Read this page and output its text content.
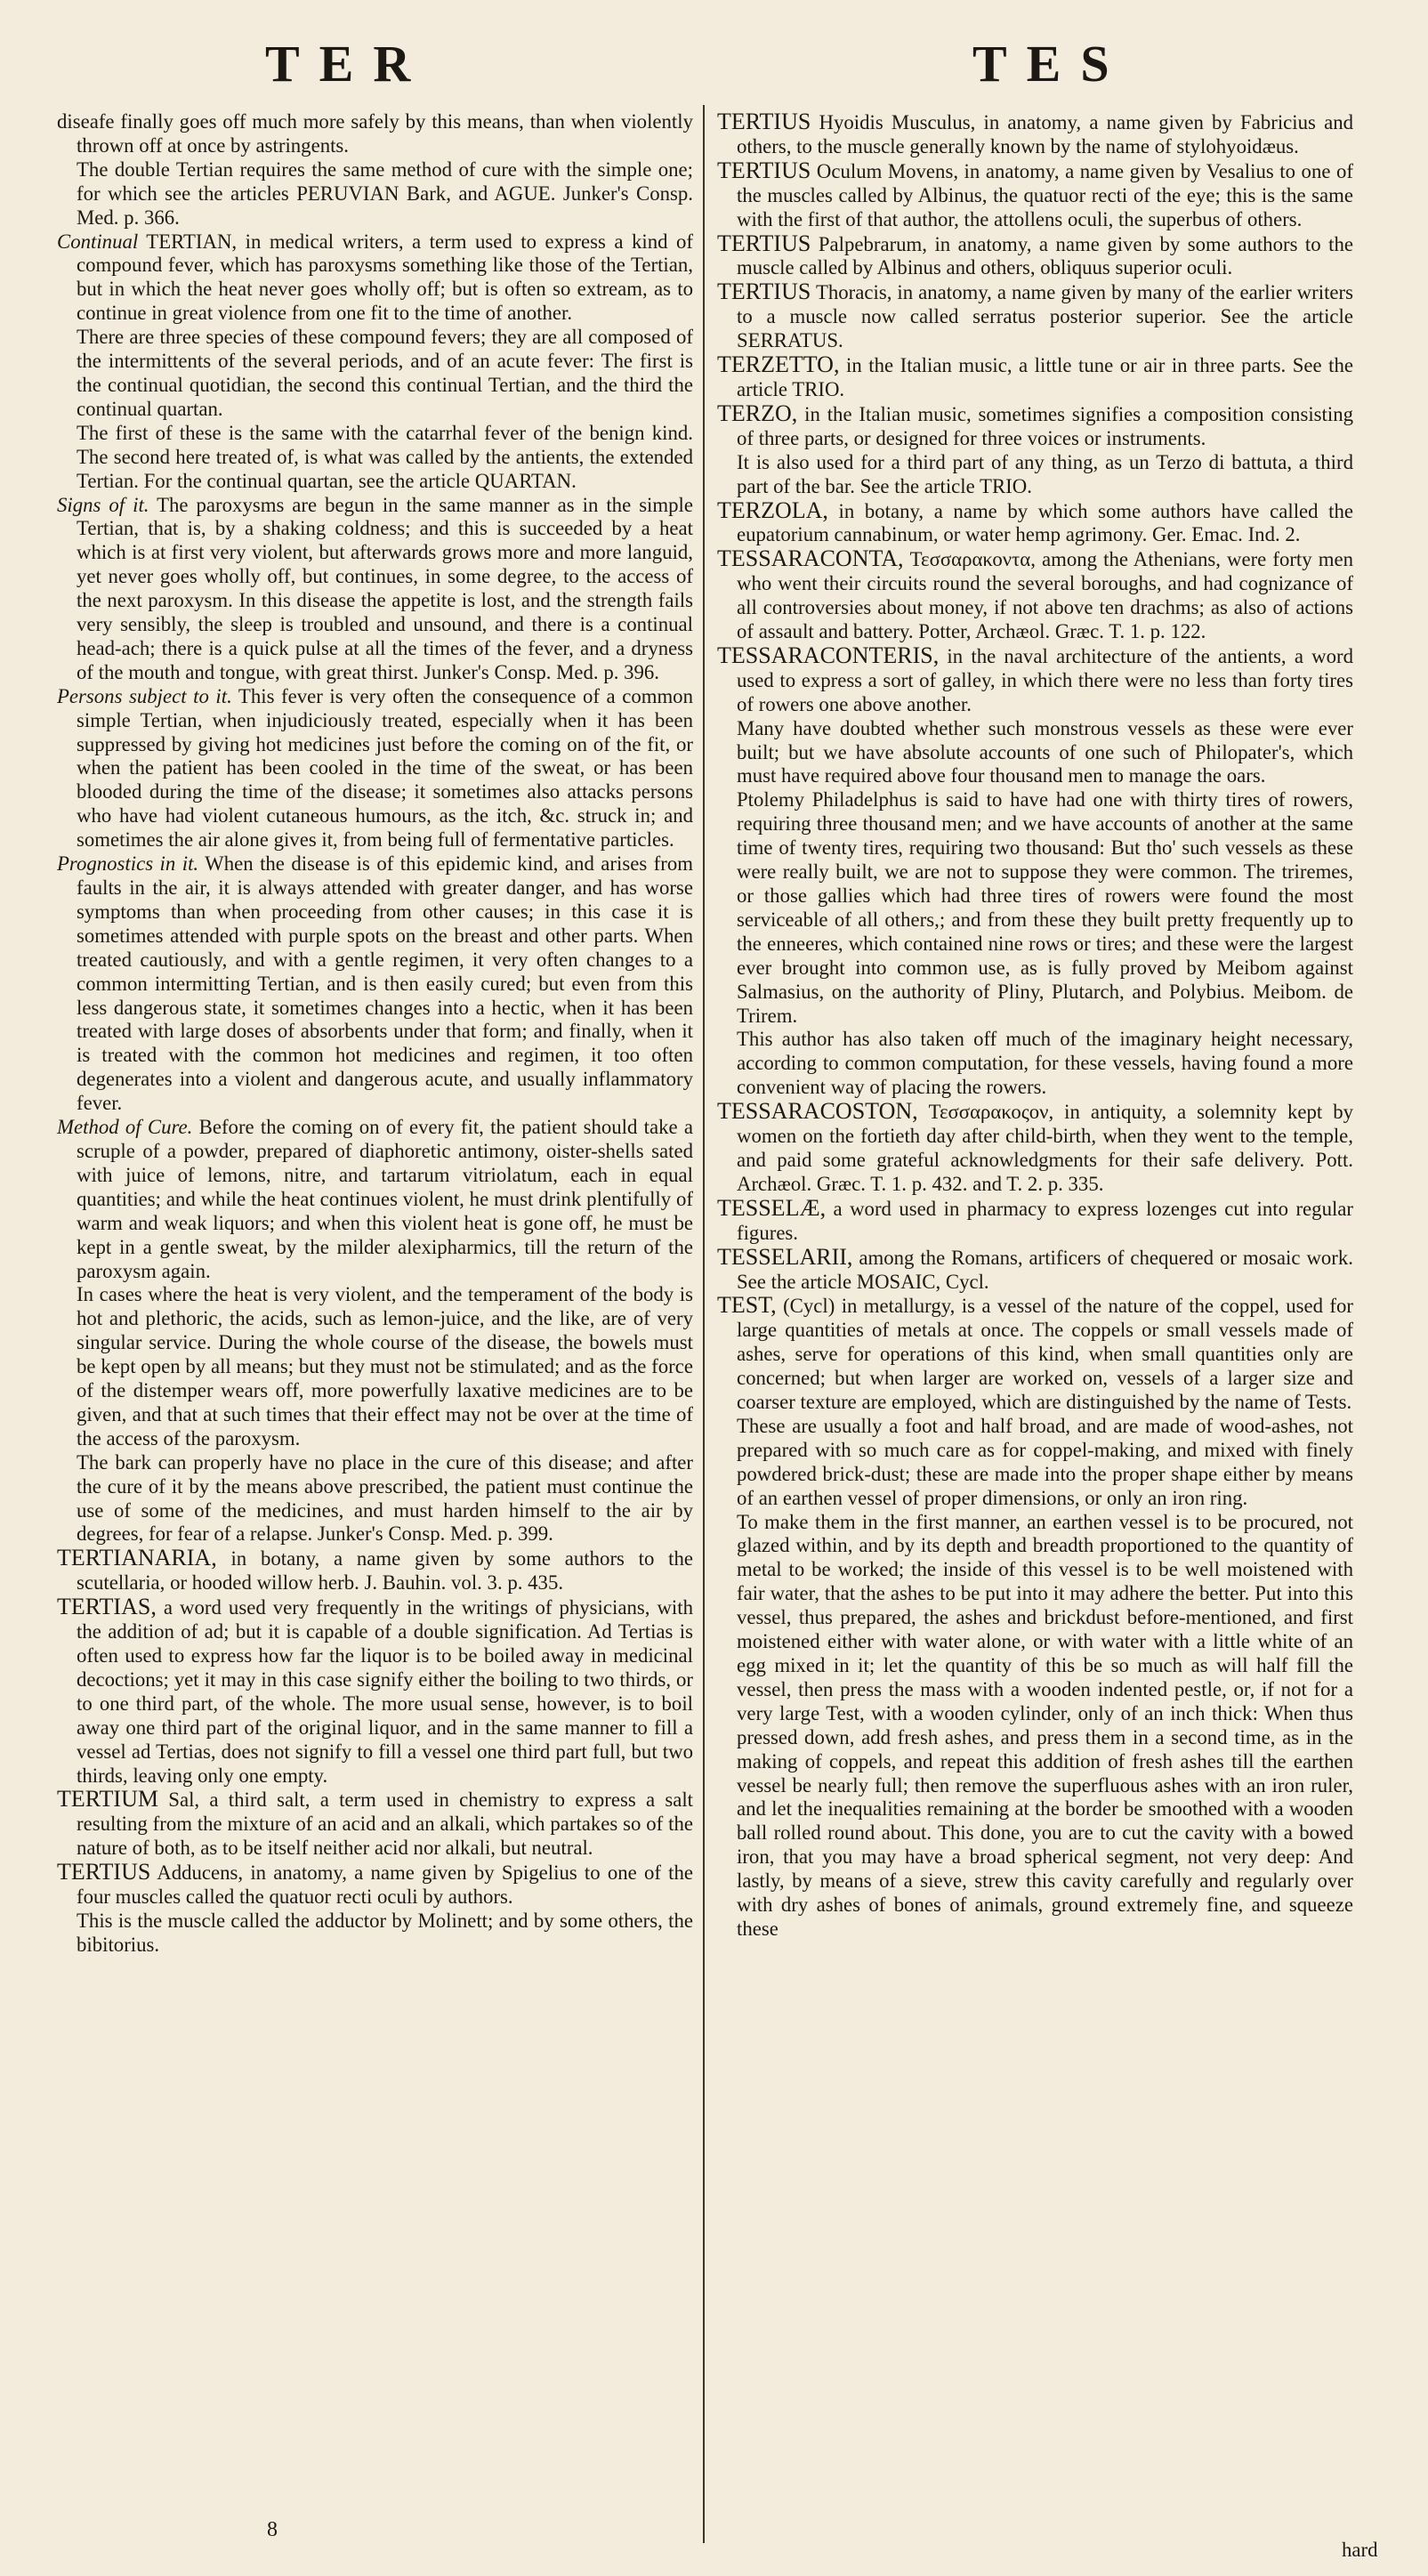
TER	TES

diseafe finally goes off much more safely by this means, than when violently thrown off at once by astringents.

The double Tertian requires the same method of cure with the simple one; for which see the articles PERUVIAN Bark, and AGUE. Junker's Consp. Med. p. 366.

Continual TERTIAN, in medical writers, a term used to express a kind of compound fever, which has paroxysms something like those of the Tertian, but in which the heat never goes wholly off; but is often so extream, as to continue in great violence from one fit to the time of another.

There are three species of these compound fevers; they are all composed of the intermittents of the several periods, and of an acute fever: The first is the continual quotidian, the second this continual Tertian, and the third the continual quartan.

The first of these is the same with the catarrhal fever of the benign kind. The second here treated of, is what was called by the antients, the extended Tertian. For the continual quartan, see the article QUARTAN.

Signs of it. The paroxysms are begun in the same manner as in the simple Tertian, that is, by a shaking coldness; and this is succeeded by a heat which is at first very violent, but afterwards grows more and more languid, yet never goes wholly off, but continues, in some degree, to the access of the next paroxysm. In this disease the appetite is lost, and the strength fails very sensibly, the sleep is troubled and unsound, and there is a continual head-ach; there is a quick pulse at all the times of the fever, and a dryness of the mouth and tongue, with great thirst. Junker's Consp. Med. p. 396.

Persons subject to it. This fever is very often the consequence of a common simple Tertian, when injudiciously treated, especially when it has been suppressed by giving hot medicines just before the coming on of the fit, or when the patient has been cooled in the time of the sweat, or has been blooded during the time of the disease; it sometimes also attacks persons who have had violent cutaneous humours, as the itch, &c. struck in; and sometimes the air alone gives it, from being full of fermentative particles.

Prognostics in it. When the disease is of this epidemic kind, and arises from faults in the air, it is always attended with greater danger, and has worse symptoms than when proceeding from other causes; in this case it is sometimes attended with purple spots on the breast and other parts. When treated cautiously, and with a gentle regimen, it very often changes to a common intermitting Tertian, and is then easily cured; but even from this less dangerous state, it sometimes changes into a hectic, when it has been treated with large doses of absorbents under that form; and finally, when it is treated with the common hot medicines and regimen, it too often degenerates into a violent and dangerous acute, and usually inflammatory fever.

Method of Cure. Before the coming on of every fit, the patient should take a scruple of a powder, prepared of diaphoretic antimony, oister-shells sated with juice of lemons, nitre, and tartarum vitriolatum, each in equal quantities; and while the heat continues violent, he must drink plentifully of warm and weak liquors; and when this violent heat is gone off, he must be kept in a gentle sweat, by the milder alexipharmics, till the return of the paroxysm again.

In cases where the heat is very violent, and the temperament of the body is hot and plethoric, the acids, such as lemon-juice, and the like, are of very singular service. During the whole course of the disease, the bowels must be kept open by all means; but they must not be stimulated; and as the force of the distemper wears off, more powerfully laxative medicines are to be given, and that at such times that their effect may not be over at the time of the access of the paroxysm.

The bark can properly have no place in the cure of this disease; and after the cure of it by the means above prescribed, the patient must continue the use of some of the medicines, and must harden himself to the air by degrees, for fear of a relapse. Junker's Consp. Med. p. 399.

TERTIANARIA, in botany, a name given by some authors to the scutellaria, or hooded willow herb. J. Bauhin. vol. 3. p. 435.

TERTIAS, a word used very frequently in the writings of physicians, with the addition of ad; but it is capable of a double signification. Ad Tertias is often used to express how far the liquor is to be boiled away in medicinal decoctions; yet it may in this case signify either the boiling to two thirds, or to one third part, of the whole. The more usual sense, however, is to boil away one third part of the original liquor, and in the same manner to fill a vessel ad Tertias, does not signify to fill a vessel one third part full, but two thirds, leaving only one empty.

TERTIUM Sal, a third salt, a term used in chemistry to express a salt resulting from the mixture of an acid and an alkali, which partakes so of the nature of both, as to be itself neither acid nor alkali, but neutral.

TERTIUS Adducens, in anatomy, a name given by Spigelius to one of the four muscles called the quatuor recti oculi by authors.

This is the muscle called the adductor by Molinett; and by some others, the bibitorius.

TERTIUS Hyoidis Musculus, in anatomy, a name given by Fabricius and others, to the muscle generally known by the name of stylohyoidæus.

TERTIUS Oculum Movens, in anatomy, a name given by Vesalius to one of the muscles called by Albinus, the quatuor recti of the eye; this is the same with the first of that author, the attollens oculi, the superbus of others.

TERTIUS Palpebrarum, in anatomy, a name given by some authors to the muscle called by Albinus and others, obliquus superior oculi.

TERTIUS Thoracis, in anatomy, a name given by many of the earlier writers to a muscle now called serratus posterior superior. See the article SERRATUS.

TERZETTO, in the Italian music, a little tune or air in three parts. See the article TRIO.

TERZO, in the Italian music, sometimes signifies a composition consisting of three parts, or designed for three voices or instruments.

It is also used for a third part of any thing, as un Terzo di battuta, a third part of the bar. See the article TRIO.

TERZOLA, in botany, a name by which some authors have called the eupatorium cannabinum, or water hemp agrimony. Ger. Emac. Ind. 2.

TESSARACONTA, Τεσσαρακοντα, among the Athenians, were forty men who went their circuits round the several boroughs, and had cognizance of all controversies about money, if not above ten drachms; as also of actions of assault and battery. Potter, Archæol. Græc. T. 1. p. 122.

TESSARACONTERIS, in the naval architecture of the antients, a word used to express a sort of galley, in which there were no less than forty tires of rowers one above another.

Many have doubted whether such monstrous vessels as these were ever built; but we have absolute accounts of one such of Philopater's, which must have required above four thousand men to manage the oars.

Ptolemy Philadelphus is said to have had one with thirty tires of rowers, requiring three thousand men; and we have accounts of another at the same time of twenty tires, requiring two thousand: But tho' such vessels as these were really built, we are not to suppose they were common. The triremes, or those gallies which had three tires of rowers were found the most serviceable of all others,; and from these they built pretty frequently up to the enneeres, which contained nine rows or tires; and these were the largest ever brought into common use, as is fully proved by Meibom against Salmasius, on the authority of Pliny, Plutarch, and Polybius. Meibom. de Trirem.

This author has also taken off much of the imaginary height necessary, according to common computation, for these vessels, having found a more convenient way of placing the rowers.

TESSARACOSTON, Τεσσαρακοςον, in antiquity, a solemnity kept by women on the fortieth day after child-birth, when they went to the temple, and paid some grateful acknowledgments for their safe delivery. Pott. Archæol. Græc. T. 1. p. 432. and T. 2. p. 335.

TESSELÆ, a word used in pharmacy to express lozenges cut into regular figures.

TESSELARII, among the Romans, artificers of chequered or mosaic work. See the article MOSAIC, Cycl.

TEST, (Cycl) in metallurgy, is a vessel of the nature of the coppel, used for large quantities of metals at once. The coppels or small vessels made of ashes, serve for operations of this kind, when small quantities only are concerned; but when larger are worked on, vessels of a larger size and coarser texture are employed, which are distinguished by the name of Tests.

These are usually a foot and half broad, and are made of wood-ashes, not prepared with so much care as for coppel-making, and mixed with finely powdered brick-dust; these are made into the proper shape either by means of an earthen vessel of proper dimensions, or only an iron ring.

To make them in the first manner, an earthen vessel is to be procured, not glazed within, and by its depth and breadth proportioned to the quantity of metal to be worked; the inside of this vessel is to be well moistened with fair water, that the ashes to be put into it may adhere the better. Put into this vessel, thus prepared, the ashes and brickdust before-mentioned, and first moistened either with water alone, or with water with a little white of an egg mixed in it; let the quantity of this be so much as will half fill the vessel, then press the mass with a wooden indented pestle, or, if not for a very large Test, with a wooden cylinder, only of an inch thick: When thus pressed down, add fresh ashes, and press them in a second time, as in the making of coppels, and repeat this addition of fresh ashes till the earthen vessel be nearly full; then remove the superfluous ashes with an iron ruler, and let the inequalities remaining at the border be smoothed with a wooden ball rolled round about. This done, you are to cut the cavity with a bowed iron, that you may have a broad spherical segment, not very deep: And lastly, by means of a sieve, strew this cavity carefully and regularly over with dry ashes of bones of animals, ground extremely fine, and squeeze these

8
hard
